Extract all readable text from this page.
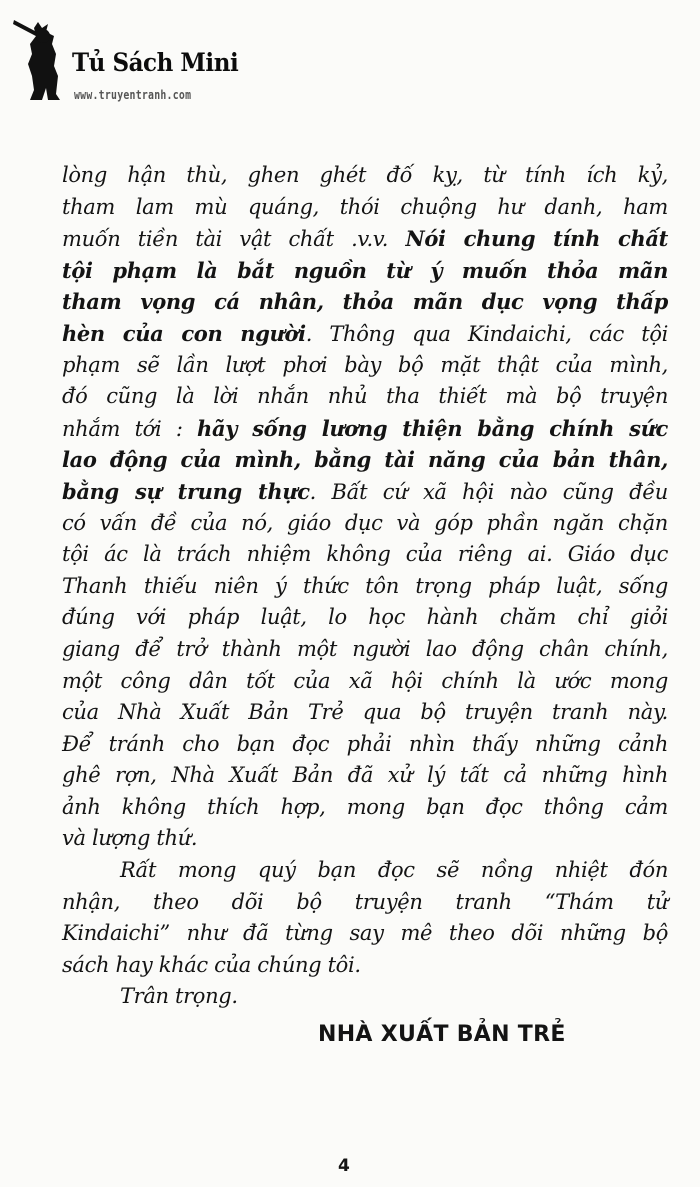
Tủ Sách Mini
www.truyentranh.com
lòng hận thù, ghen ghét đố kỵ, từ tính ích kỷ,
tham lam mù quáng, thói chuộng hư danh, ham
muốn tiền tài vật chất .v.v. Nói chung tính chất
tội phạm là bắt nguồn từ ý muốn thỏa mãn
tham vọng cá nhân, thỏa mãn dục vọng thấp
hèn của con người. Thông qua Kindaichi, các tội
phạm sẽ lần lượt phơi bày bộ mặt thật của mình,
đó cũng là lời nhắn nhủ tha thiết mà bộ truyện
nhắm tới : hãy sống lương thiện bằng chính sức
lao động của mình, bằng tài năng của bản thân,
bằng sự trung thực. Bất cứ xã hội nào cũng đều
có vấn đề của nó, giáo dục và góp phần ngăn chặn
tội ác là trách nhiệm không của riêng ai. Giáo dục
Thanh thiếu niên ý thức tôn trọng pháp luật, sống
đúng với pháp luật, lo học hành chăm chỉ giỏi
giang để trở thành một người lao động chân chính,
một công dân tốt của xã hội chính là ước mong
của Nhà Xuất Bản Trẻ qua bộ truyện tranh này.
Để tránh cho bạn đọc phải nhìn thấy những cảnh
ghê rợn, Nhà Xuất Bản đã xử lý tất cả những hình
ảnh không thích hợp, mong bạn đọc thông cảm
và lượng thứ.
Rất mong quý bạn đọc sẽ nồng nhiệt đón
nhận, theo dõi bộ truyện tranh “Thám tử
Kindaichi” như đã từng say mê theo dõi những bộ
sách hay khác của chúng tôi.
Trân trọng.
NHÀ XUẤT BẢN TRẺ
4
